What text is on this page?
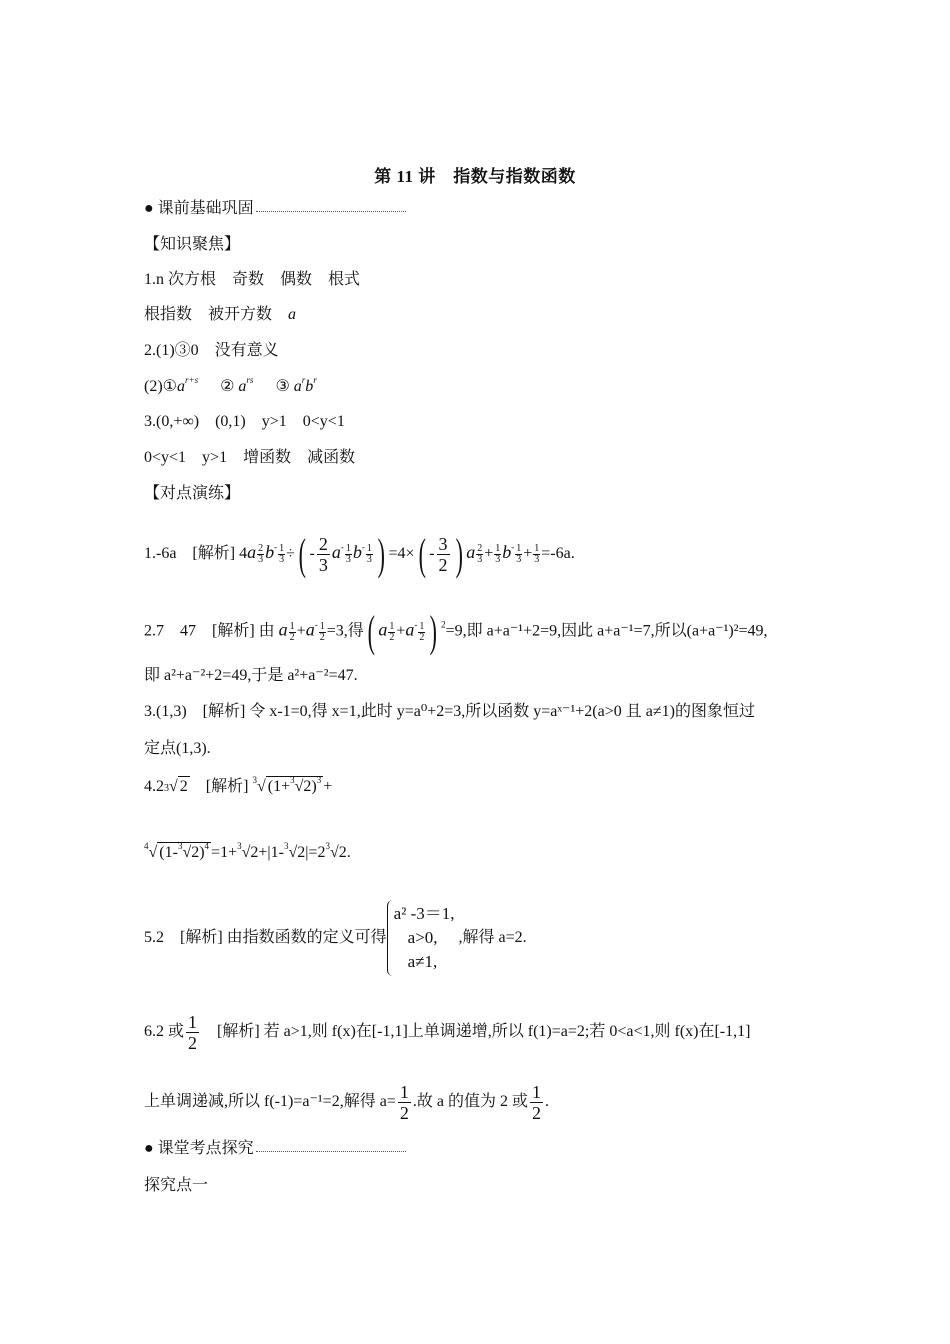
第 11 讲　指数与指数函数
● 课前基础巩固
【知识聚焦】
1.n 次方根　奇数　偶数　根式
根指数　被开方数　a
2.(1)③0　没有意义
$(2)①a^{r+s}$ ② $a^{rs}$ ③ $a^rb^r$
3.(0,+∞)　(0,1)　y>1　0<y<1
0<y<1　y>1　增函数　减函数
【对点演练】
1.-6a　[解析] $4a \frac{2}{3} b^- \frac{1}{3}$ ÷( - $\frac{2}{3} a^- \frac{1}{3} b^- \frac{1}{3}$ ) $=4\times( - \frac{3}{2}$ ) a $\frac{2}{3} + \frac{1}{3} b^- \frac{1}{3} + \frac{1}{3} =-6a$.
2.7　47　[解析] 由 a $\frac{1}{2} +a^- \frac{1}{2} =3$,得( a $\frac{1}{2} +a^- \frac{1}{2}$ ) $^2$=9,即 a+a⁻¹+2=9,因此 a+a⁻¹=7,所以(a+a⁻¹)²=49,
即 a²+a⁻²+2=49,于是 a²+a⁻²=47.
3.(1,3)　[解析] 令 x-1=0,得 x=1,此时 y=a⁰+2=3,所以函数 y=aˣ⁻¹+2(a>0 且 a≠1)的图象恒过
定点(1,3).
4.23√ 2　[解析] $^3$√ $(1+^3√2)^3$ +
$^4$√ $(1-^3√2)^4 =1+^3√2+|1-^3√2|=2^3√2$.
5.2　[解析] 由指数函数的定义可得
a² -3＝1,
a>0,
a≠1,
,解得 a=2.
6.2 或 $\frac{1}{2}$ 　[解析] 若 a>1,则 f(x)在[-1,1]上单调递增,所以 f(1)=a=2;若 0<a<1,则 f(x)在[-1,1]
上单调递减,所以 f(-1)=a⁻¹=2,解得 $a= \frac{1}{2}$ .故 a 的值为 2 或 $\frac{1}{2}$ .
● 课堂考点探究
探究点一
